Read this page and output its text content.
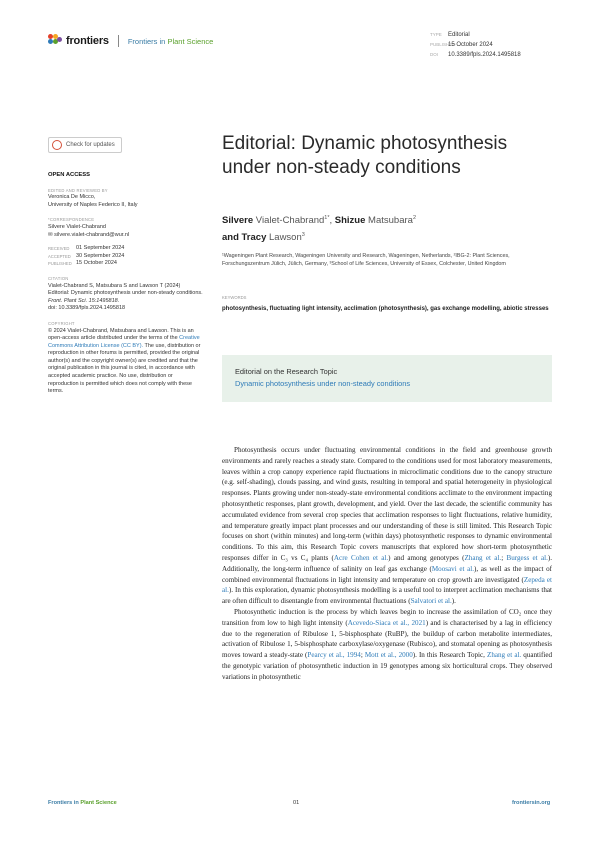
frontiers	Frontiers in Plant Science
TYPE Editorial
PUBLISHED15 October 2024
DOI 10.3389/fpls.2024.1495818
Check for updates
OPEN ACCESS
EDITED AND REVIEWED BY
Veronica De Micco,
University of Naples Federico II, Italy
*CORRESPONDENCE
Silvere Vialet-Chabrand
✉ silvere.vialet-chabrand@wur.nl
RECEIVED	01 September 2024
ACCEPTED 30 September 2024
PUBLISHED 15 October 2024
CITATION
Vialet-Chabrand S, Matsubara S and Lawson T (2024) Editorial: Dynamic photosynthesis under non-steady conditions.
Front. Plant Sci. 15:1495818.
doi: 10.3389/fpls.2024.1495818
COPYRIGHT
© 2024 Vialet-Chabrand, Matsubara and Lawson. This is an open-access article distributed under the terms of the Creative Commons Attribution License (CC BY). The use, distribution or reproduction in other forums is permitted, provided the original author(s) and the copyright owner(s) are credited and that the original publication in this journal is cited, in accordance with accepted academic practice. No use, distribution or reproduction is permitted which does not comply with these terms.
Editorial: Dynamic photosynthesis under non-steady conditions
Silvere Vialet-Chabrand$^{1*}$, Shizue Matsubara$^2$
and Tracy Lawson$^3$
¹Wageningen Plant Research, Wageningen University and Research, Wageningen, Netherlands, ²IBG-2: Plant Sciences, Forschungszentrum Jülich, Jülich, Germany, ³School of Life Sciences, University of Essex, Colchester, United Kingdom
KEYWORDS
photosynthesis, fluctuating light intensity, acclimation (photosynthesis), gas exchange modelling, abiotic stresses
Editorial on the Research Topic
Dynamic photosynthesis under non-steady conditions

Photosynthesis occurs under fluctuating environmental conditions in the field and greenhouse growth environments and rarely reaches a steady state. Compared to the conditions used for most laboratory measurements, leaves within a crop canopy experience rapid fluctuations in microclimatic conditions due to the canopy structure (e.g. self-shading), clouds passing, and wind gusts, resulting in temporal and spatial heterogeneity in physiological responses. Plants growing under non-steady-state environmental conditions acclimate to the environment impacting photosynthetic responses, plant growth, development, and yield. Over the last decade, the scientific community has accumulated evidence from several crop species that acclimation responses to light fluctuations, relative humidity, and temperature greatly impact plant processes and our understanding of these is still limited. This Research Topic focuses on short (within minutes) and long-term (within days) photosynthetic responses to dynamic environmental conditions. To this aim, this Research Topic covers manuscripts that explored how short-term photosynthetic responses differ in C₃ vs C₄ plants (Acre Cohen et al.) and among genotypes (Zhang et al.; Burgess et al.). Additionally, the long-term influence of salinity on leaf gas exchange (Moosavi et al.), as well as the impact of combined environmental fluctuations in light intensity and temperature on crop growth are investigated (Zepeda et al.). In this exploration, dynamic photosynthesis modelling is a useful tool to interpret acclimation mechanisms that are often difficult to disentangle from environmental fluctuations (Salvatori et al.).

Photosynthetic induction is the process by which leaves begin to increase the assimilation of CO₂ once they transition from low to high light intensity (Acevedo-Siaca et al., 2021) and is characterised by a lag in efficiency due to the regeneration of Ribulose 1, 5-bisphosphate (RuBP), the buildup of carbon metabolite intermediates, activation of Ribulose 1, 5-bisphosphate carboxylase/oxygenase (Rubisco), and stomatal opening as photosynthesis moves toward a steady-state (Pearcy et al., 1994; Mott et al., 2000). In this Research Topic, Zhang et al. quantified the genotypic variation of photosynthetic induction in 19 genotypes among six horticultural crops. They observed variations in photosynthetic

Frontiers in Plant Science	01	frontiersin.org
